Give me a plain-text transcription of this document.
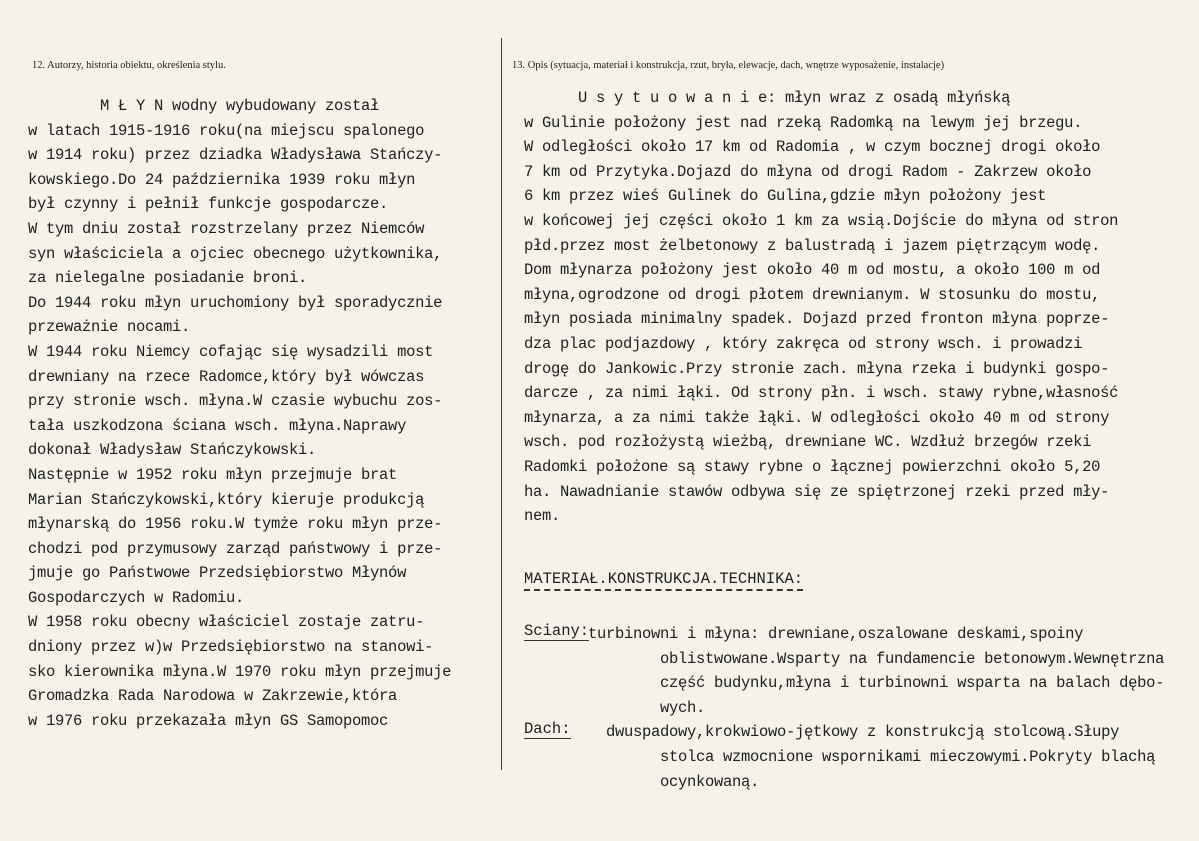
12. Autorzy, historia obiektu, określenia stylu.	13. Opis (sytuacja, materiał i konstrukcja, rzut, bryła, elewacje, dach, wnętrze wyposażenie, instalacje)
M Ł Y N wodny wybudowany został
w latach 1915-1916 roku(na miejscu spalonego
w 1914 roku) przez dziadka Władysława Stańczy-
kowskiego.Do 24 października 1939 roku młyn
był czynny i pełnił funkcje gospodarcze.
W tym dniu został rozstrzelany przez Niemców
syn właściciela a ojciec obecnego użytkownika,
za nielegalne posiadanie broni.
Do 1944 roku młyn uruchomiony był sporadycznie
przeważnie nocami.
W 1944 roku Niemcy cofając się wysadzili most
drewniany na rzece Radomce,który był wówczas
przy stronie wsch. młyna.W czasie wybuchu zos-
tała uszkodzona ściana wsch. młyna.Naprawy
dokonał Władysław Stańczykowski.
Następnie w 1952 roku młyn przejmuje brat
Marian Stańczykowski,który kieruje produkcją
młynarską do 1956 roku.W tymże roku młyn prze-
chodzi pod przymusowy zarząd państwowy i prze-
jmuje go Państwowe Przedsiębiorstwo Młynów
Gospodarczych w Radomiu.
W 1958 roku obecny właściciel zostaje zatru-
dniony przez w)w Przedsiębiorstwo na stanowi-
sko kierownika młyna.W 1970 roku młyn przejmuje
Gromadzka Rada Narodowa w Zakrzewie,która
w 1976 roku przekazała młyn GS Samopomoc
U s y t u o w a n i e: młyn wraz z osadą młyńską
w Gulinie położony jest nad rzeką Radomką na lewym jej brzegu.
W odległości około 17 km od Radomia , w czym bocznej drogi około
7 km od Przytyka.Dojazd do młyna od drogi Radom - Zakrzew około
6 km przez wieś Gulinek do Gulina,gdzie młyn położony jest
w końcowej jej części około 1 km za wsią.Dojście do młyna od stron
płd.przez most żelbetonowy z balustradą i jazem piętrzącym wodę.
Dom młynarza położony jest około 40 m od mostu, a około 100 m od
młyna,ogrodzone od drogi płotem drewnianym. W stosunku do mostu,
młyn posiada minimalny spadek. Dojazd przed fronton młyna poprze-
dza plac podjazdowy , który zakręca od strony wsch. i prowadzi
drogę do Jankowic.Przy stronie zach. młyna rzeka i budynki gospo-
darcze , za nimi łąki. Od strony płn. i wsch. stawy rybne,własność
młynarza, a za nimi także łąki. W odległości około 40 m od strony
wsch. pod rozłożystą wieżbą, drewniane WC. Wzdłuż brzegów rzeki
Radomki położone są stawy rybne o łącznej powierzchni około 5,20
ha. Nawadnianie stawów odbywa się ze spiętrzonej rzeki przed mły-
nem.
MATERIAŁ.KONSTRUKCJA.TECHNIKA:
Sciany:
turbinowni i młyna: drewniane,oszalowane deskami,spoiny
oblistwowane.Wsparty na fundamencie betonowym.Wewnętrzna
część budynku,młyna i turbinowni wsparta na balach dębo-
wych.
Dach: dwuspadowy,krokwiowo-jętkowy z konstrukcją stolcową.Słupy
stolca wzmocnione wspornikami mieczowymi.Pokryty blachą
ocynkowaną.
